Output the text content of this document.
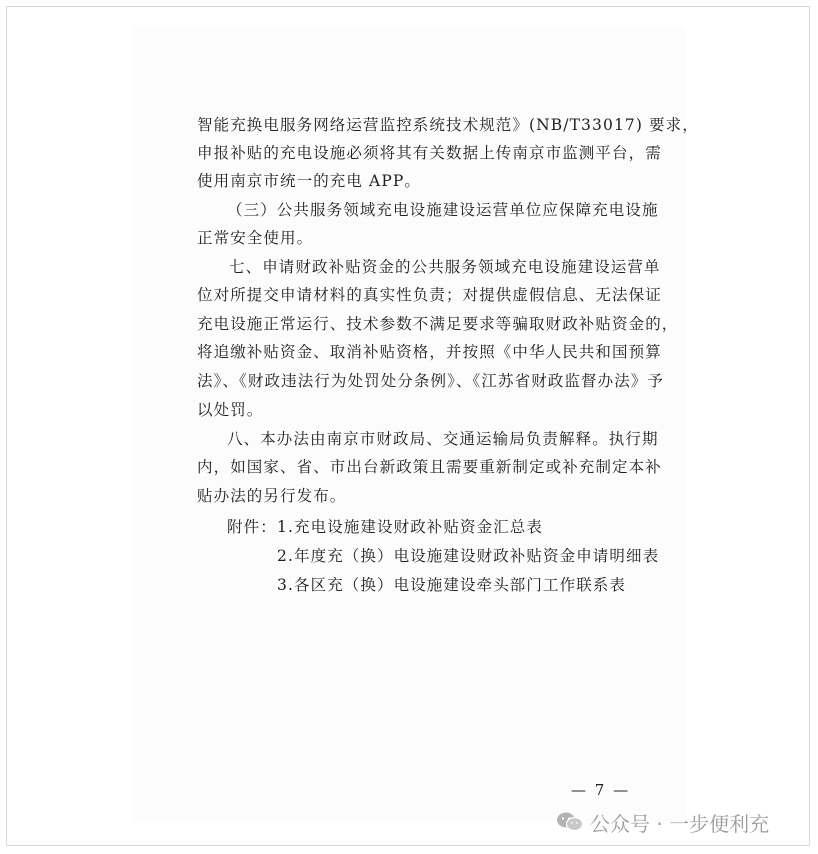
智能充换电服务网络运营监控系统技术规范》(NB/T33017) 要求，
申报补贴的充电设施必须将其有关数据上传南京市监测平台，需
使用南京市统一的充电 APP。
（三）公共服务领域充电设施建设运营单位应保障充电设施
正常安全使用。
七、申请财政补贴资金的公共服务领域充电设施建设运营单
位对所提交申请材料的真实性负责；对提供虚假信息、无法保证
充电设施正常运行、技术参数不满足要求等骗取财政补贴资金的，
将追缴补贴资金、取消补贴资格，并按照《中华人民共和国预算
法》、《财政违法行为处罚处分条例》、《江苏省财政监督办法》予
以处罚。
八、本办法由南京市财政局、交通运输局负责解释。执行期
内，如国家、省、市出台新政策且需要重新制定或补充制定本补
贴办法的另行发布。
附件： 1.充电设施建设财政补贴资金汇总表
2.年度充（换）电设施建设财政补贴资金申请明细表
3.各区充（换）电设施建设牵头部门工作联系表
— 7 —
公众号 · 一步便利充
